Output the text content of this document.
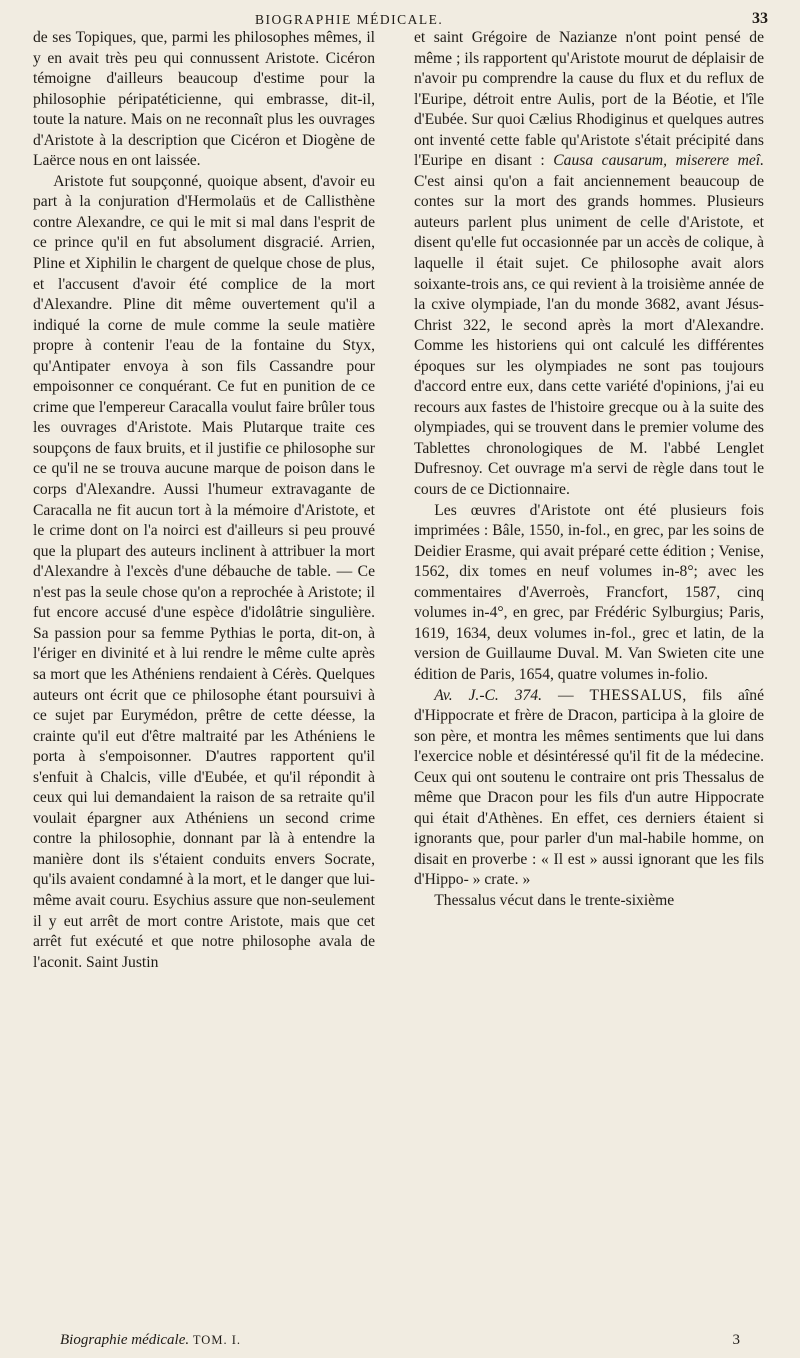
BIOGRAPHIE MÉDICALE.	33

de ses Topiques, que, parmi les philosophes mêmes, il y en avait très peu qui connussent Aristote. Cicéron témoigne d'ailleurs beaucoup d'estime pour la philosophie péripatéticienne, qui embrasse, dit-il, toute la nature. Mais on ne reconnaît plus les ouvrages d'Aristote à la description que Cicéron et Diogène de Laërce nous en ont laissée.

Aristote fut soupçonné, quoique absent, d'avoir eu part à la conjuration d'Hermolaüs et de Callisthène contre Alexandre, ce qui le mit si mal dans l'esprit de ce prince qu'il en fut absolument disgracié. Arrien, Pline et Xiphilin le chargent de quelque chose de plus, et l'accusent d'avoir été complice de la mort d'Alexandre. Pline dit même ouvertement qu'il a indiqué la corne de mule comme la seule matière propre à contenir l'eau de la fontaine du Styx, qu'Antipater envoya à son fils Cassandre pour empoisonner ce conquérant. Ce fut en punition de ce crime que l'empereur Caracalla voulut faire brûler tous les ouvrages d'Aristote. Mais Plutarque traite ces soupçons de faux bruits, et il justifie ce philosophe sur ce qu'il ne se trouva aucune marque de poison dans le corps d'Alexandre. Aussi l'humeur extravagante de Caracalla ne fit aucun tort à la mémoire d'Aristote, et le crime dont on l'a noirci est d'ailleurs si peu prouvé que la plupart des auteurs inclinent à attribuer la mort d'Alexandre à l'excès d'une débauche de table. — Ce n'est pas la seule chose qu'on a reprochée à Aristote; il fut encore accusé d'une espèce d'idolâtrie singulière. Sa passion pour sa femme Pythias le porta, dit-on, à l'ériger en divinité et à lui rendre le même culte après sa mort que les Athéniens rendaient à Cérès. Quelques auteurs ont écrit que ce philosophe étant poursuivi à ce sujet par Eurymédon, prêtre de cette déesse, la crainte qu'il eut d'être maltraité par les Athéniens le porta à s'empoisonner. D'autres rapportent qu'il s'enfuit à Chalcis, ville d'Eubée, et qu'il répondit à ceux qui lui demandaient la raison de sa retraite qu'il voulait épargner aux Athéniens un second crime contre la philosophie, donnant par là à entendre la manière dont ils s'étaient conduits envers Socrate, qu'ils avaient condamné à la mort, et le danger que lui-même avait couru. Esychius assure que non-seulement il y eut arrêt de mort contre Aristote, mais que cet arrêt fut exécuté et que notre philosophe avala de l'aconit. Saint Justin

et saint Grégoire de Nazianze n'ont point pensé de même ; ils rapportent qu'Aristote mourut de déplaisir de n'avoir pu comprendre la cause du flux et du reflux de l'Euripe, détroit entre Aulis, port de la Béotie, et l'île d'Eubée. Sur quoi Cælius Rhodiginus et quelques autres ont inventé cette fable qu'Aristote s'était précipité dans l'Euripe en disant : Causa causarum, miserere meî. C'est ainsi qu'on a fait anciennement beaucoup de contes sur la mort des grands hommes. Plusieurs auteurs parlent plus uniment de celle d'Aristote, et disent qu'elle fut occasionnée par un accès de colique, à laquelle il était sujet. Ce philosophe avait alors soixante-trois ans, ce qui revient à la troisième année de la cxive olympiade, l'an du monde 3682, avant Jésus-Christ 322, le second après la mort d'Alexandre. Comme les historiens qui ont calculé les différentes époques sur les olympiades ne sont pas toujours d'accord entre eux, dans cette variété d'opinions, j'ai eu recours aux fastes de l'histoire grecque ou à la suite des olympiades, qui se trouvent dans le premier volume des Tablettes chronologiques de M. l'abbé Lenglet Dufresnoy. Cet ouvrage m'a servi de règle dans tout le cours de ce Dictionnaire.

Les œuvres d'Aristote ont été plusieurs fois imprimées : Bâle, 1550, in-fol., en grec, par les soins de Deidier Erasme, qui avait préparé cette édition ; Venise, 1562, dix tomes en neuf volumes in-8°; avec les commentaires d'Averroès, Francfort, 1587, cinq volumes in-4°, en grec, par Frédéric Sylburgius; Paris, 1619, 1634, deux volumes in-fol., grec et latin, de la version de Guillaume Duval. M. Van Swieten cite une édition de Paris, 1654, quatre volumes in-folio.

Av. J.-C. 374. — THESSALUS, fils aîné d'Hippocrate et frère de Dracon, participa à la gloire de son père, et montra les mêmes sentiments que lui dans l'exercice noble et désintéressé qu'il fit de la médecine. Ceux qui ont soutenu le contraire ont pris Thessalus de même que Dracon pour les fils d'un autre Hippocrate qui était d'Athènes. En effet, ces derniers étaient si ignorants que, pour parler d'un mal-habile homme, on disait en proverbe : « Il est » aussi ignorant que les fils d'Hippo- » crate. »

Thessalus vécut dans le trente-sixième

Biographie médicale. TOM. I.	3
